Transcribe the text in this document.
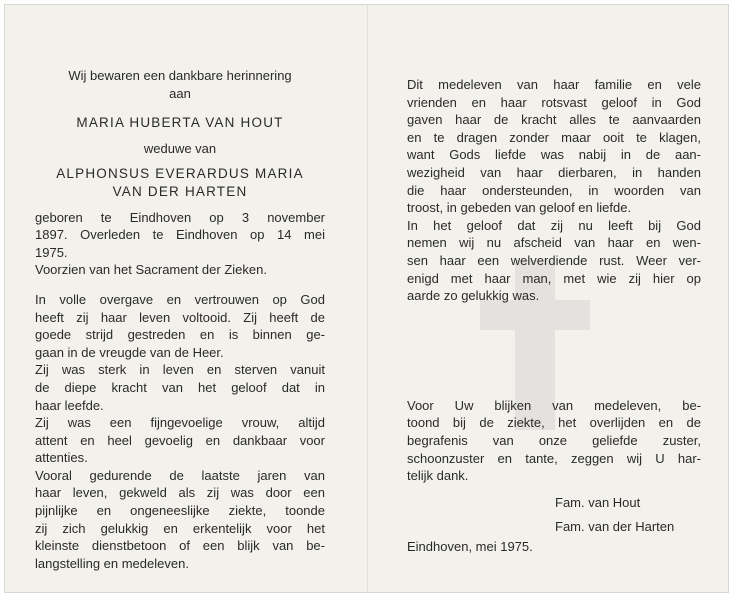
Wij bewaren een dankbare herinnering
aan
MARIA HUBERTA VAN HOUT
weduwe van
ALPHONSUS EVERARDUS MARIA
VAN DER HARTEN
geboren te Eindhoven op 3 november
1897. Overleden te Eindhoven op 14 mei
1975.
Voorzien van het Sacrament der Zieken.
In volle overgave en vertrouwen op God
heeft zij haar leven voltooid. Zij heeft de
goede strijd gestreden en is binnen ge-
gaan in de vreugde van de Heer.
Zij was sterk in leven en sterven vanuit
de diepe kracht van het geloof dat in
haar leefde.
Zij was een fijngevoelige vrouw, altijd
attent en heel gevoelig en dankbaar voor
attenties.
Vooral gedurende de laatste jaren van
haar leven, gekweld als zij was door een
pijnlijke en ongeneeslijke ziekte, toonde
zij zich gelukkig en erkentelijk voor het
kleinste dienstbetoon of een blijk van be-
langstelling en medeleven.
Dit medeleven van haar familie en vele
vrienden en haar rotsvast geloof in God
gaven haar de kracht alles te aanvaarden
en te dragen zonder maar ooit te klagen,
want Gods liefde was nabij in de aan-
wezigheid van haar dierbaren, in handen
die haar ondersteunden, in woorden van
troost, in gebeden van geloof en liefde.
In het geloof dat zij nu leeft bij God
nemen wij nu afscheid van haar en wen-
sen haar een welverdiende rust. Weer ver-
enigd met haar man, met wie zij hier op
aarde zo gelukkig was.
Voor Uw blijken van medeleven, be-
toond bij de ziekte, het overlijden en de
begrafenis van onze geliefde zuster,
schoonzuster en tante, zeggen wij U har-
telijk dank.
Fam. van Hout
Fam. van der Harten
Eindhoven, mei 1975.
